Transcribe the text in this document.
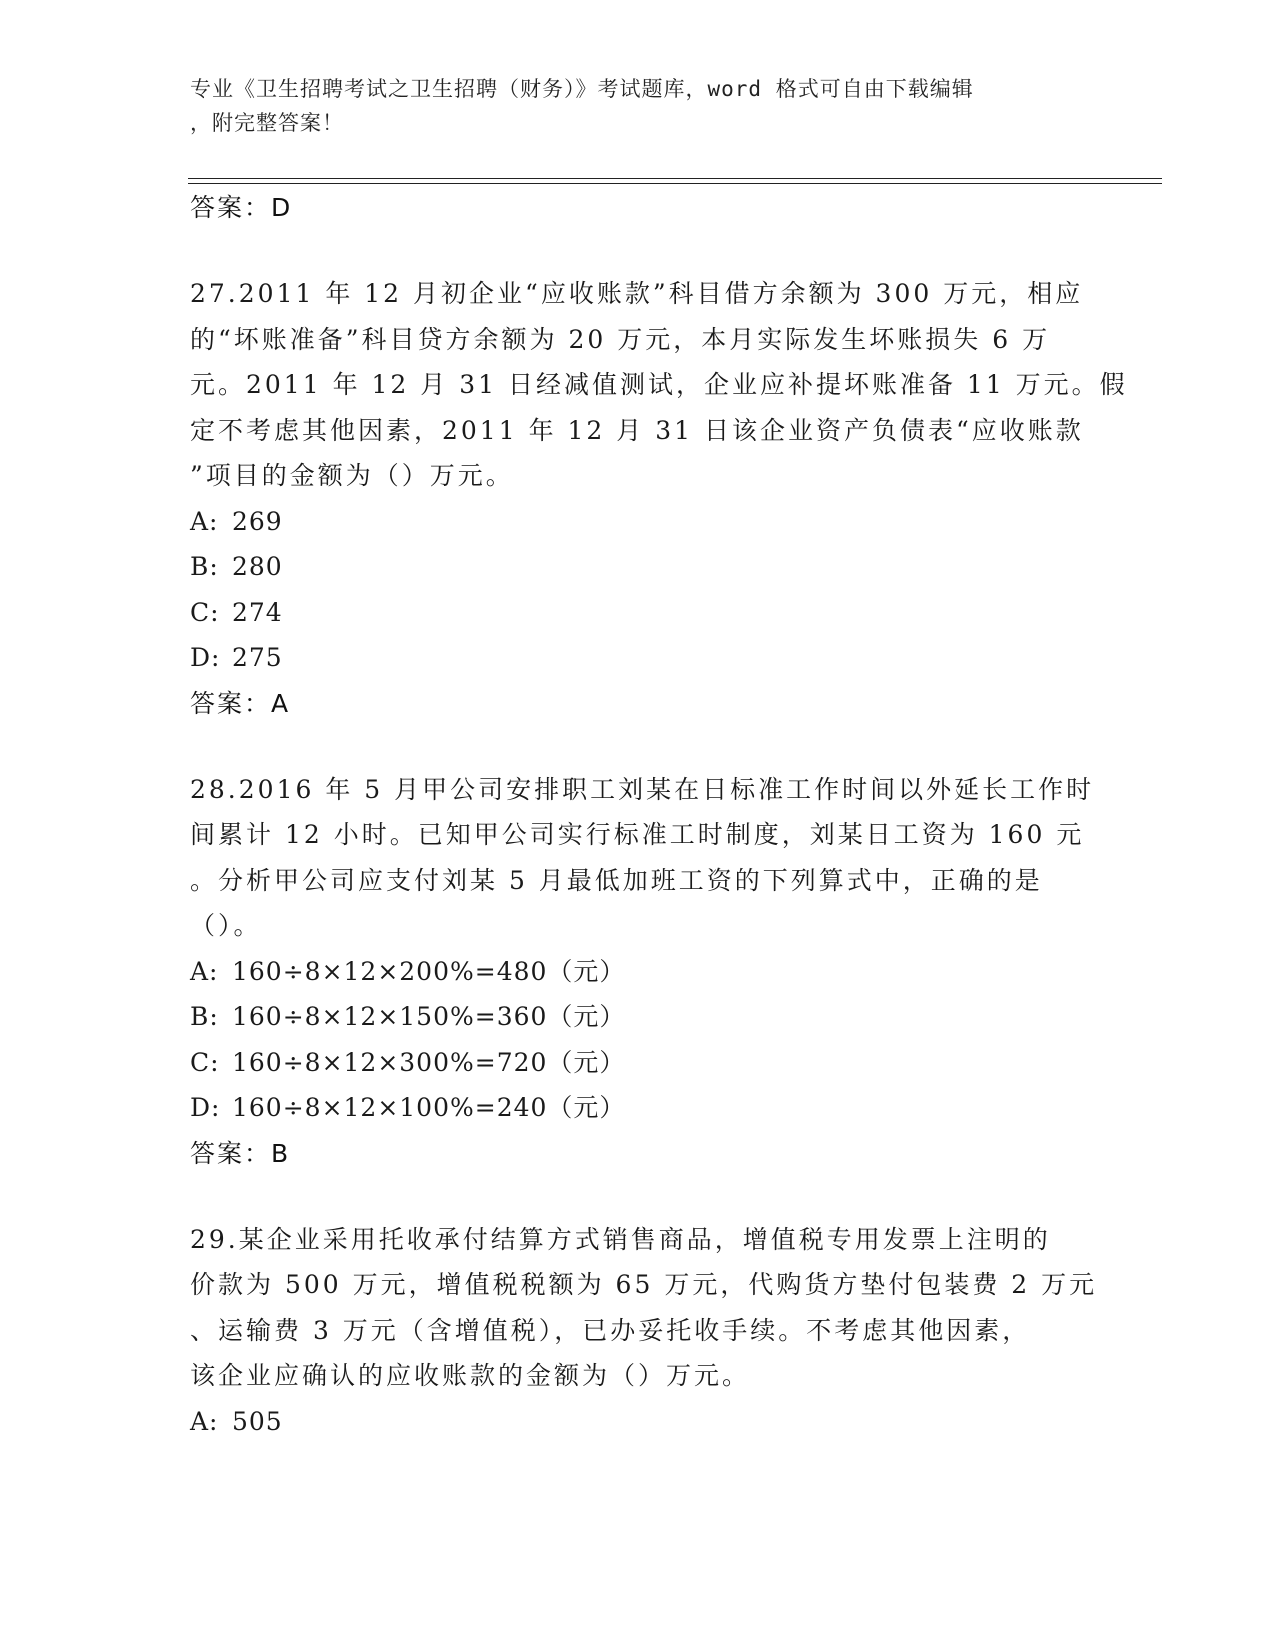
专业《卫生招聘考试之卫生招聘（财务）》考试题库，word 格式可自由下载编辑
，附完整答案！
答案：D
27.2011 年 12 月初企业“应收账款”科目借方余额为 300 万元，相应
的“坏账准备”科目贷方余额为 20 万元，本月实际发生坏账损失 6 万
元。2011 年 12 月 31 日经减值测试，企业应补提坏账准备 11 万元。假
定不考虑其他因素，2011 年 12 月 31 日该企业资产负债表“应收账款
”项目的金额为（）万元。
A: 269
B: 280
C: 274
D: 275
答案：A
28.2016 年 5 月甲公司安排职工刘某在日标准工作时间以外延长工作时
间累计 12 小时。已知甲公司实行标准工时制度，刘某日工资为 160 元
。分析甲公司应支付刘某 5 月最低加班工资的下列算式中，正确的是
（）。
A: 160÷8×12×200%=480（元）
B: 160÷8×12×150%=360（元）
C: 160÷8×12×300%=720（元）
D: 160÷8×12×100%=240（元）
答案：B
29.某企业采用托收承付结算方式销售商品，增值税专用发票上注明的
价款为 500 万元，增值税税额为 65 万元，代购货方垫付包装费 2 万元
、运输费 3 万元（含增值税），已办妥托收手续。不考虑其他因素，
该企业应确认的应收账款的金额为（）万元。
A: 505
